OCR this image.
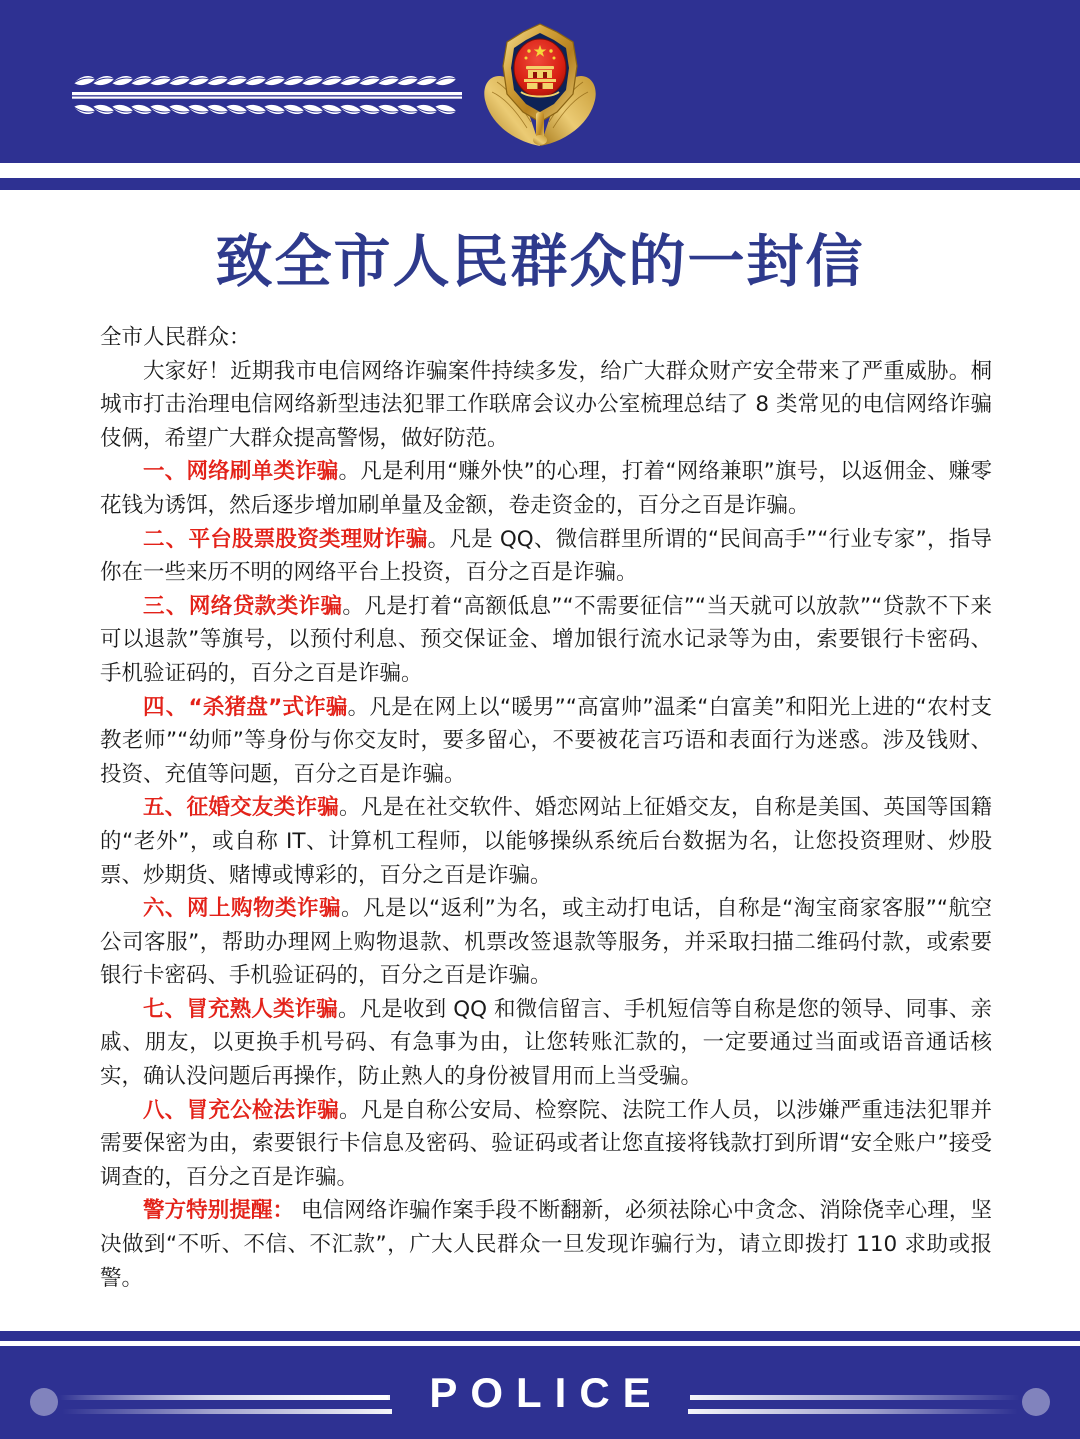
致全市人民群众的一封信

全市人民群众：

大家好！近期我市电信网络诈骗案件持续多发，给广大群众财产安全带来了严重威胁。桐城市打击治理电信网络新型违法犯罪工作联席会议办公室梳理总结了 8 类常见的电信网络诈骗伎俩，希望广大群众提高警惕，做好防范。

一、网络刷单类诈骗。凡是利用“赚外快”的心理，打着“网络兼职”旗号，以返佣金、赚零花钱为诱饵，然后逐步增加刷单量及金额，卷走资金的，百分之百是诈骗。

二、平台股票股资类理财诈骗。凡是 QQ、微信群里所谓的“民间高手”“行业专家”，指导你在一些来历不明的网络平台上投资，百分之百是诈骗。

三、网络贷款类诈骗。凡是打着“高额低息”“不需要征信”“当天就可以放款”“贷款不下来可以退款”等旗号，以预付利息、预交保证金、增加银行流水记录等为由，索要银行卡密码、手机验证码的，百分之百是诈骗。

四、“杀猪盘”式诈骗。凡是在网上以“暖男”“高富帅”温柔“白富美”和阳光上进的“农村支教老师”“幼师”等身份与你交友时，要多留心，不要被花言巧语和表面行为迷惑。涉及钱财、投资、充值等问题，百分之百是诈骗。

五、征婚交友类诈骗。凡是在社交软件、婚恋网站上征婚交友，自称是美国、英国等国籍的“老外”，或自称 IT、计算机工程师，以能够操纵系统后台数据为名，让您投资理财、炒股票、炒期货、赌博或博彩的，百分之百是诈骗。

六、网上购物类诈骗。凡是以“返利”为名，或主动打电话，自称是“淘宝商家客服”“航空公司客服”，帮助办理网上购物退款、机票改签退款等服务，并采取扫描二维码付款，或索要银行卡密码、手机验证码的，百分之百是诈骗。

七、冒充熟人类诈骗。凡是收到 QQ 和微信留言、手机短信等自称是您的领导、同事、亲戚、朋友，以更换手机号码、有急事为由，让您转账汇款的，一定要通过当面或语音通话核实，确认没问题后再操作，防止熟人的身份被冒用而上当受骗。

八、冒充公检法诈骗。凡是自称公安局、检察院、法院工作人员，以涉嫌严重违法犯罪并需要保密为由，索要银行卡信息及密码、验证码或者让您直接将钱款打到所谓“安全账户”接受调查的，百分之百是诈骗。

警方特别提醒： 电信网络诈骗作案手段不断翻新，必须祛除心中贪念、消除侥幸心理，坚决做到“不听、不信、不汇款”，广大人民群众一旦发现诈骗行为，请立即拨打 110 求助或报警。

POLICE
